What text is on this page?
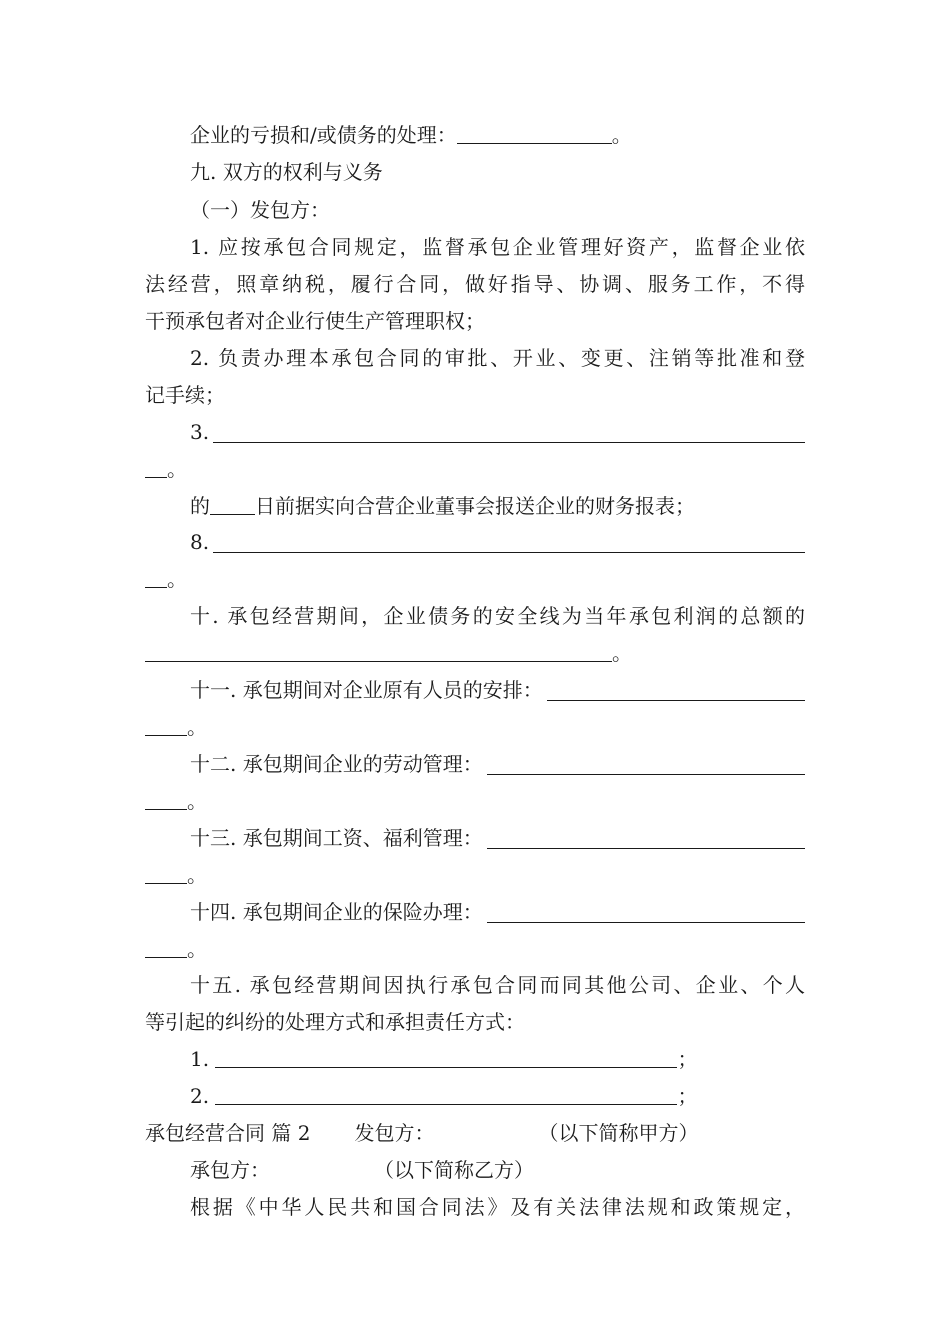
企业的亏损和/或债务的处理：	。
九. 双方的权利与义务
（一）发包方：
1. 应按承包合同规定，监督承包企业管理好资产，监督企业依
法经营，照章纳税，履行合同，做好指导、协调、服务工作，不得
干预承包者对企业行使生产管理职权；
2. 负责办理本承包合同的审批、开业、变更、注销等批准和登
记手续；
3.
。
的 日前据实向合营企业董事会报送企业的财务报表；
8.
。
十. 承包经营期间，企业债务的安全线为当年承包利润的总额的
。
十一. 承包期间对企业原有人员的安排：
。
十二. 承包期间企业的劳动管理：
。
十三. 承包期间工资、福利管理：
。
十四. 承包期间企业的保险办理：
。
十五. 承包经营期间因执行承包合同而同其他公司、企业、个人
等引起的纠纷的处理方式和承担责任方式：
1.	；
2.	；
承包经营合同 篇 2 发包方：	（以下简称甲方）
承包方：	（以下简称乙方）
根据《中华人民共和国合同法》及有关法律法规和政策规定，
